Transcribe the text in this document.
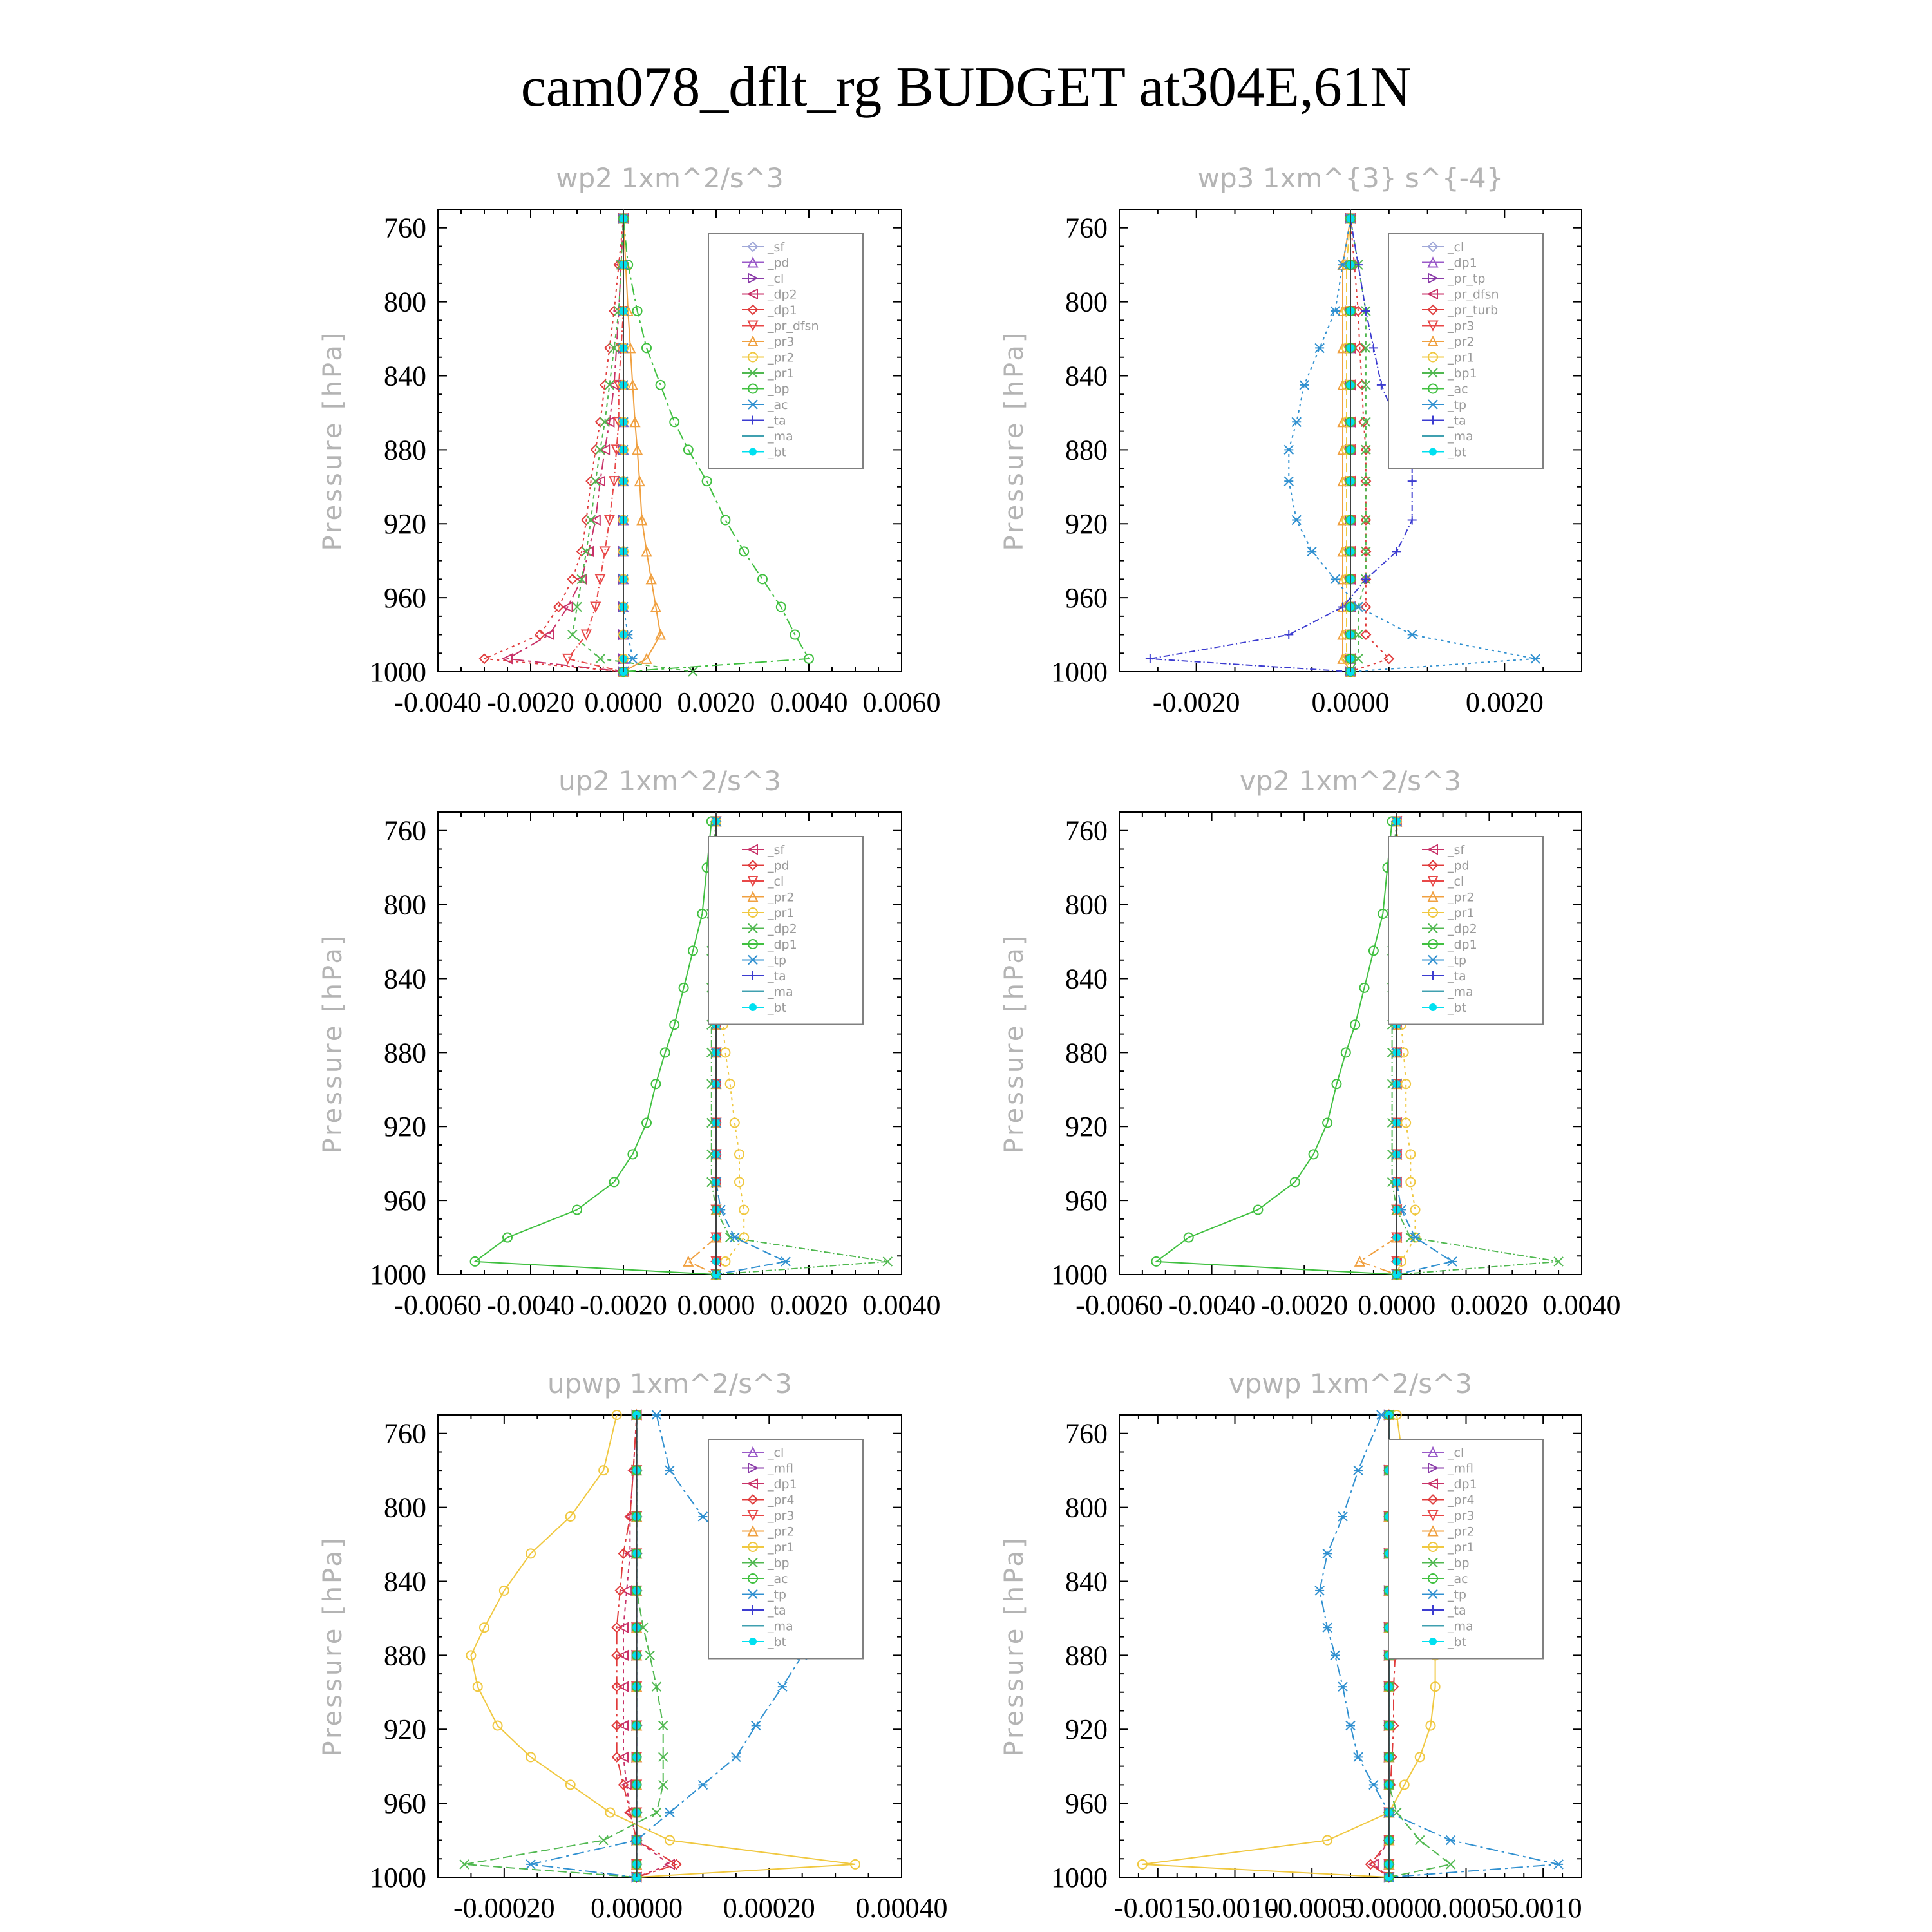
cam078_dflt_rg BUDGET at304E,61N
wp2 1xm^2/s^3
Pressure [hPa]
760
800
840
880
920
960
1000
-0.0040 -0.0020 0.0000 0.0020 0.0040 0.0060
_sf
_pd
_cl
_dp2
_dp1
_pr_dfsn
_pr3
_pr2
_pr1
_bp
_ac
_ta
_ma
_bt
wp3 1xm^{3} s^{-4}
Pressure [hPa]
760
800
840
880
920
960
1000
-0.0020	0.0000	0.0020
_cl
_dp1
_pr_tp
_pr_dfsn
_pr_turb
_pr3
_pr2
_pr1
_bp1
_ac
_tp
_ta
_ma
_bt
up2 1xm^2/s^3
Pressure [hPa]
760
800
840
880
920
960
1000
-0.0060 -0.0040 -0.0020 0.0000 0.0020 0.0040
_sf
_pd
_cl
_pr2
_pr1
_dp2
_dp1
_tp
_ta
_ma
_bt
vp2 1xm^2/s^3
Pressure [hPa]
760
800
840
880
920
960
1000
-0.0060 -0.0040 -0.0020 0.0000 0.0020 0.0040
_sf
_pd
_cl
_pr2
_pr1
_dp2
_dp1
_tp
_ta
_ma
_bt
upwp 1xm^2/s^3
Pressure [hPa]
760
800
840
880
920
960
1000
-0.00020 0.00000 0.00020 0.00040
_cl
_mfl
_dp1
_pr4
_pr3
_pr2
_pr1
_bp
_ac
_tp
_ta
_ma
_bt
vpwp 1xm^2/s^3
Pressure [hPa]
760
800
840
880
920
960
1000
-0.0015
-0.0010
-0.0005
0.0000
0.0005
0.0010
_cl
_mfl
_dp1
_pr4
_pr3
_pr2
_pr1
_bp
_ac
_tp
_ta
_ma
_bt
